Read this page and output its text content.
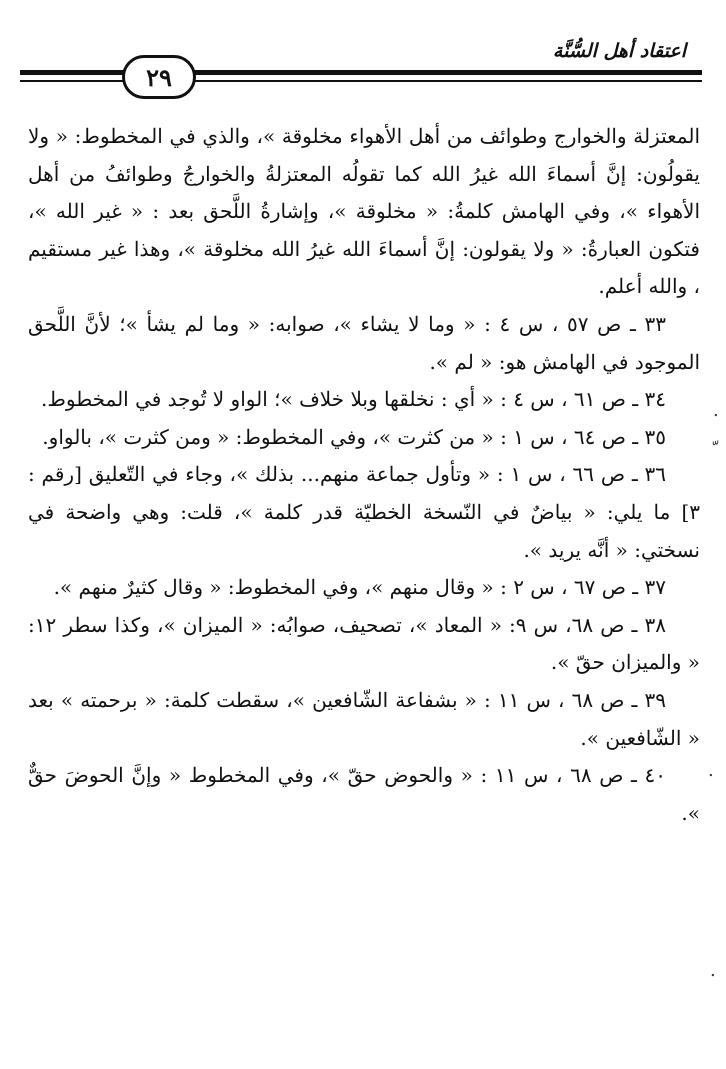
اعتقاد أهل السُّنَّة
٢٩

المعتزلة والخوارج وطوائف من أهل الأهواء مخلوقة »، والذي في المخطوط: « ولا يقولُون: إنَّ أسماءَ الله غيرُ الله كما تقولُه المعتزلةُ والخوارجُ وطوائفُ من أهل الأهواء »، وفي الهامش كلمةُ: « مخلوقة »، وإشارةُ اللَّحق بعد : « غير الله »، فتكون العبارةُ: « ولا يقولون: إنَّ أسماءَ الله غيرُ الله مخلوقة »، وهذا غير مستقيم ، والله أعلم.

٣٣ ـ ص ٥٧ ، س ٤ : « وما لا يشاء »، صوابه: « وما لم يشأ »؛ لأنَّ اللَّحق الموجود في الهامش هو: « لم ».

٣٤ ـ ص ٦١ ، س ٤ : « أي : نخلقها وبلا خلاف »؛ الواو لا تُوجد في المخطوط.

٣٥ ـ ص ٦٤ ، س ١ : « من كثرت »، وفي المخطوط: « ومن كثرت »، بالواو.

٣٦ ـ ص ٦٦ ، س ١ : « وتأول جماعة منهم... بذلك »، وجاء في التّعليق [رقم : ٣] ما يلي: « بياضٌ في النّسخة الخطيّة قدر كلمة »، قلت: وهي واضحة في نسختي: « أنَّه يريد ».

٣٧ ـ ص ٦٧ ، س ٢ : « وقال منهم »، وفي المخطوط: « وقال كثيرٌ منهم ».

٣٨ ـ ص ٦٨، س ٩: « المعاد »، تصحيف، صوابُه: « الميزان »، وكذا سطر ١٢: « والميزان حقّ ».

٣٩ ـ ص ٦٨ ، س ١١ : « بشفاعة الشّافعين »، سقطت كلمة: « برحمته » بعد « الشّافعين ».

٤٠ ـ ص ٦٨ ، س ١١ : « والحوض حقّ »، وفي المخطوط « وإنَّ الحوضَ حقٌّ ».

.
.
.
